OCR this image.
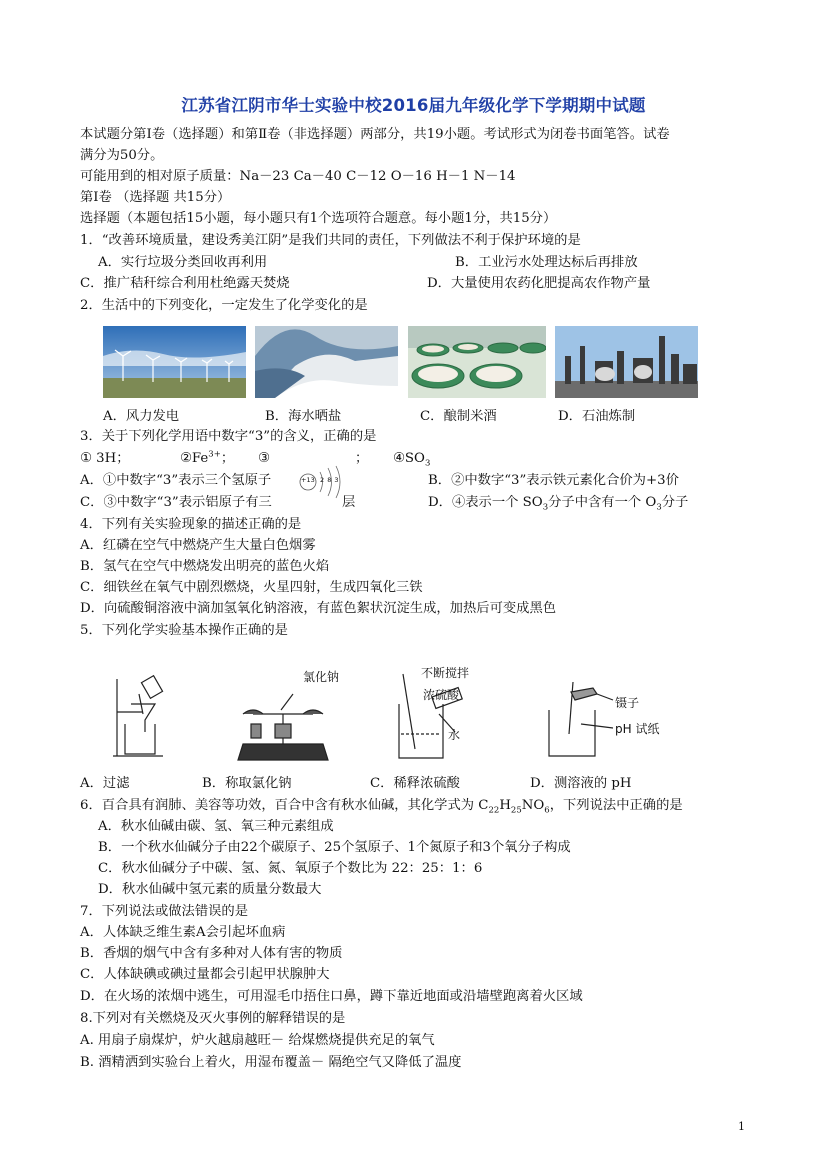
江苏省江阴市华士实验中校2016届九年级化学下学期期中试题
本试题分第Ⅰ卷（选择题）和第Ⅱ卷（非选择题）两部分，共19小题。考试形式为闭卷书面笔答。试卷
满分为50分。
可能用到的相对原子质量：Na－23 Ca－40 C－12 O－16 H－1 N－14
第Ⅰ卷 （选择题 共15分）
选择题（本题包括15小题，每小题只有1个选项符合题意。每小题1分，共15分）
1．“改善环境质量，建设秀美江阴”是我们共同的责任，下列做法不利于保护环境的是
A．实行垃圾分类回收再利用	B．工业污水处理达标后再排放
C．推广秸秆综合利用杜绝露天焚烧	D．大量使用农药化肥提高农作物产量
2．生活中的下列变化，一定发生了化学变化的是
A．风力发电	B．海水晒盐	C．酿制米酒	D．石油炼制
3．关于下列化学用语中数字“3”的含义，正确的是
① 3H；	$②Fe^{3+}$； ③	； $④SO_3$
+13 2 8 3
A．①中数字“3”表示三个氢原子	B．②中数字“3”表示铁元素化合价为+3价
C．③中数字“3”表示铝原子有三	层	D．④表示一个 $SO_3$分子中含有一个 $O_3$分子
4．下列有关实验现象的描述正确的是
A．红磷在空气中燃烧产生大量白色烟雾
B．氢气在空气中燃烧发出明亮的蓝色火焰
C．细铁丝在氧气中剧烈燃烧，火星四射，生成四氧化三铁
D．向硫酸铜溶液中滴加氢氧化钠溶液，有蓝色絮状沉淀生成，加热后可变成黑色
5．下列化学实验基本操作正确的是
氯化钠	不断搅拌
浓硫酸
水
镊子
pH 试纸
A．过滤	B．称取氯化钠	C．稀释浓硫酸	D．测溶液的 pH
6．百合具有润肺、美容等功效，百合中含有秋水仙碱，其化学式为 $C_{22}H_{25}NO_6$，下列说法中正确的是
A．秋水仙碱由碳、氢、氧三种元素组成
B．一个秋水仙碱分子由22个碳原子、25个氢原子、1个氮原子和3个氧分子构成
C．秋水仙碱分子中碳、氢、氮、氧原子个数比为 22：25：1：6
D．秋水仙碱中氢元素的质量分数最大
7．下列说法或做法错误的是
A．人体缺乏维生素A会引起坏血病
B．香烟的烟气中含有多种对人体有害的物质
C．人体缺碘或碘过量都会引起甲状腺肿大
D．在火场的浓烟中逃生，可用湿毛巾捂住口鼻，蹲下靠近地面或沿墙壁跑离着火区域
8.下列对有关燃烧及灭火事例的解释错误的是
A. 用扇子扇煤炉，炉火越扇越旺－ 给煤燃烧提供充足的氧气
B. 酒精洒到实验台上着火，用湿布覆盖－ 隔绝空气又降低了温度
1
